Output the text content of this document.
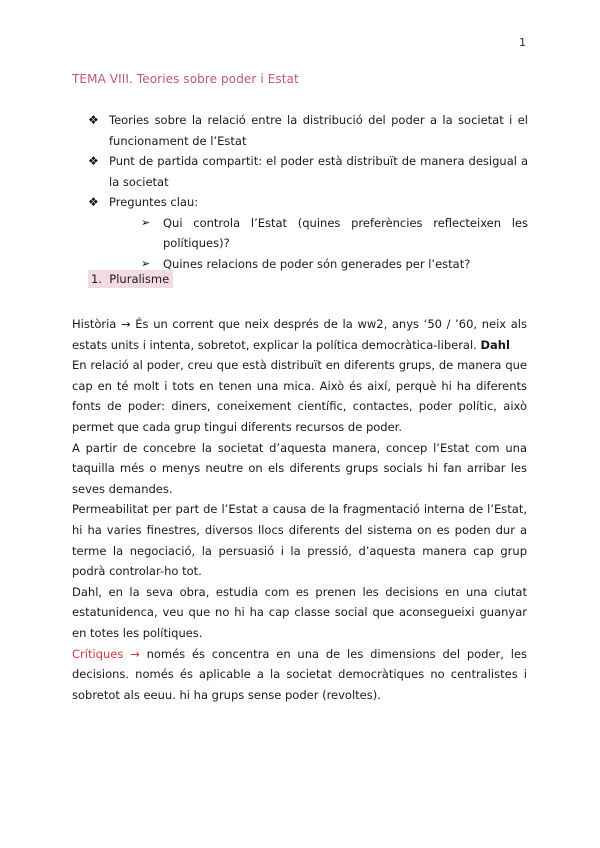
1
TEMA VIII. Teories sobre poder i Estat
❖ Teories sobre la relació entre la distribució del poder a la societat i el funcionament de l’Estat
❖ Punt de partida compartit: el poder està distribuït de manera desigual a la societat
❖ Preguntes clau:
➢ Qui controla l’Estat (quines preferències reflecteixen les polítiques)?
➢ Quines relacions de poder són generades per l’estat?
1. Pluralisme

Història → És un corrent que neix després de la ww2, anys ‘50 / ’60, neix als estats units i intenta, sobretot, explicar la política democràtica-liberal. Dahl

En relació al poder, creu que està distribuït en diferents grups, de manera que cap en té molt i tots en tenen una mica. Això és així, perquè hi ha diferents fonts de poder: diners, coneixement científic, contactes, poder polític, això permet que cada grup tingui diferents recursos de poder.

A partir de concebre la societat d’aquesta manera, concep l’Estat com una taquilla més o menys neutre on els diferents grups socials hi fan arribar les seves demandes.

Permeabilitat per part de l’Estat a causa de la fragmentació interna de l’Estat, hi ha varies finestres, diversos llocs diferents del sistema on es poden dur a terme la negociació, la persuasió i la pressió, d’aquesta manera cap grup podrà controlar-ho tot.

Dahl, en la seva obra, estudia com es prenen les decisions en una ciutat estatunidenca, veu que no hi ha cap classe social que aconsegueixi guanyar en totes les polítiques.

Crítiques → només és concentra en una de les dimensions del poder, les decisions. només és aplicable a la societat democràtiques no centralistes i sobretot als eeuu. hi ha grups sense poder (revoltes).
